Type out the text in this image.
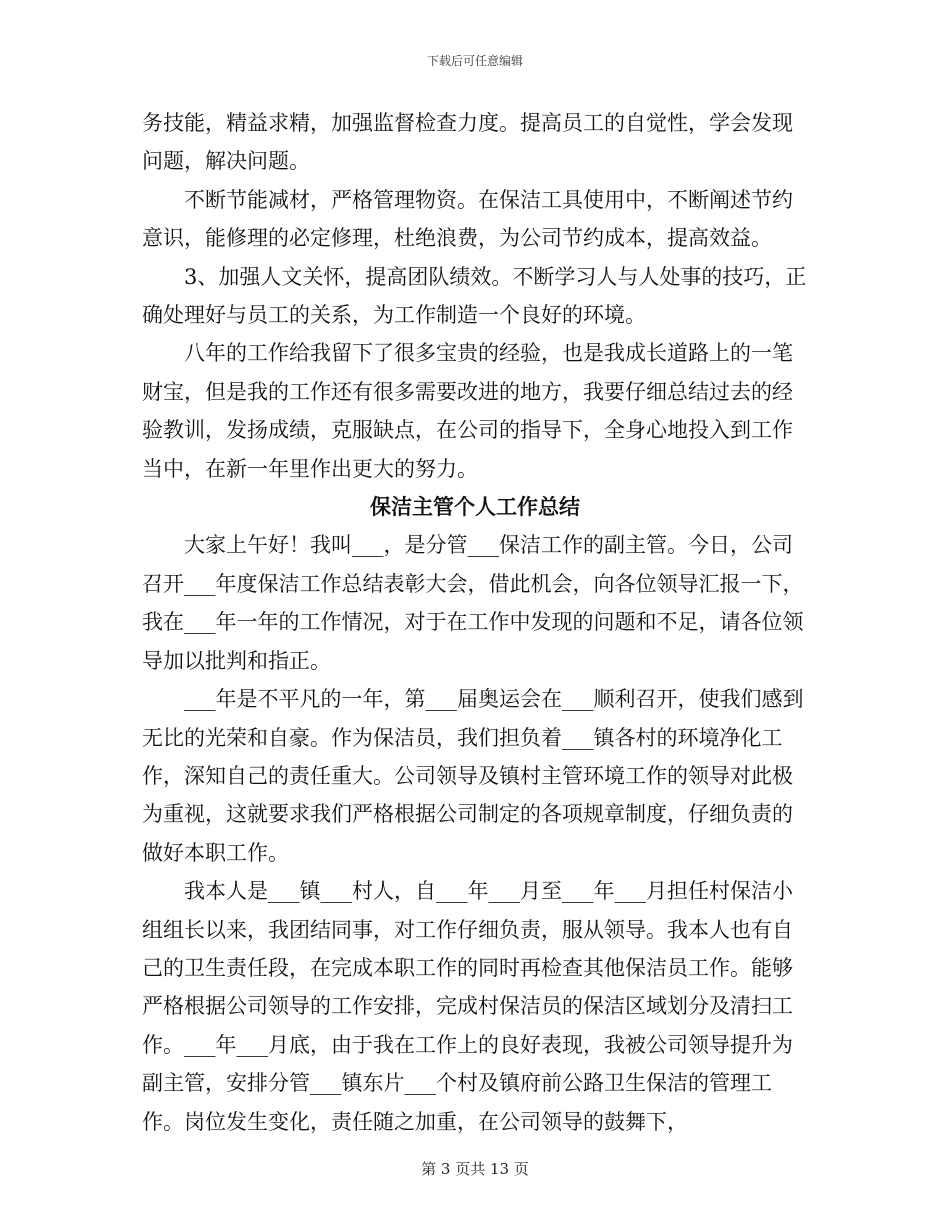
下载后可任意编辑

务技能，精益求精，加强监督检查力度。提高员工的自觉性，学会发现问题，解决问题。

不断节能减材，严格管理物资。在保洁工具使用中，不断阐述节约意识，能修理的必定修理，杜绝浪费，为公司节约成本，提高效益。

3、加强人文关怀，提高团队绩效。不断学习人与人处事的技巧，正确处理好与员工的关系，为工作制造一个良好的环境。

八年的工作给我留下了很多宝贵的经验，也是我成长道路上的一笔财宝，但是我的工作还有很多需要改进的地方，我要仔细总结过去的经验教训，发扬成绩，克服缺点，在公司的指导下，全身心地投入到工作当中，在新一年里作出更大的努力。

保洁主管个人工作总结

大家上午好！我叫___，是分管___保洁工作的副主管。今日，公司召开___年度保洁工作总结表彰大会，借此机会，向各位领导汇报一下，我在___年一年的工作情况，对于在工作中发现的问题和不足，请各位领导加以批判和指正。

___年是不平凡的一年，第___届奥运会在___顺利召开，使我们感到无比的光荣和自豪。作为保洁员，我们担负着___镇各村的环境净化工作，深知自己的责任重大。公司领导及镇村主管环境工作的领导对此极为重视，这就要求我们严格根据公司制定的各项规章制度，仔细负责的做好本职工作。

我本人是___镇___村人，自___年___月至___年___月担任村保洁小组组长以来，我团结同事，对工作仔细负责，服从领导。我本人也有自己的卫生责任段，在完成本职工作的同时再检查其他保洁员工作。能够严格根据公司领导的工作安排，完成村保洁员的保洁区域划分及清扫工作。___年___月底，由于我在工作上的良好表现，我被公司领导提升为副主管，安排分管___镇东片___个村及镇府前公路卫生保洁的管理工作。岗位发生变化，责任随之加重，在公司领导的鼓舞下，

第 3 页共 13 页
